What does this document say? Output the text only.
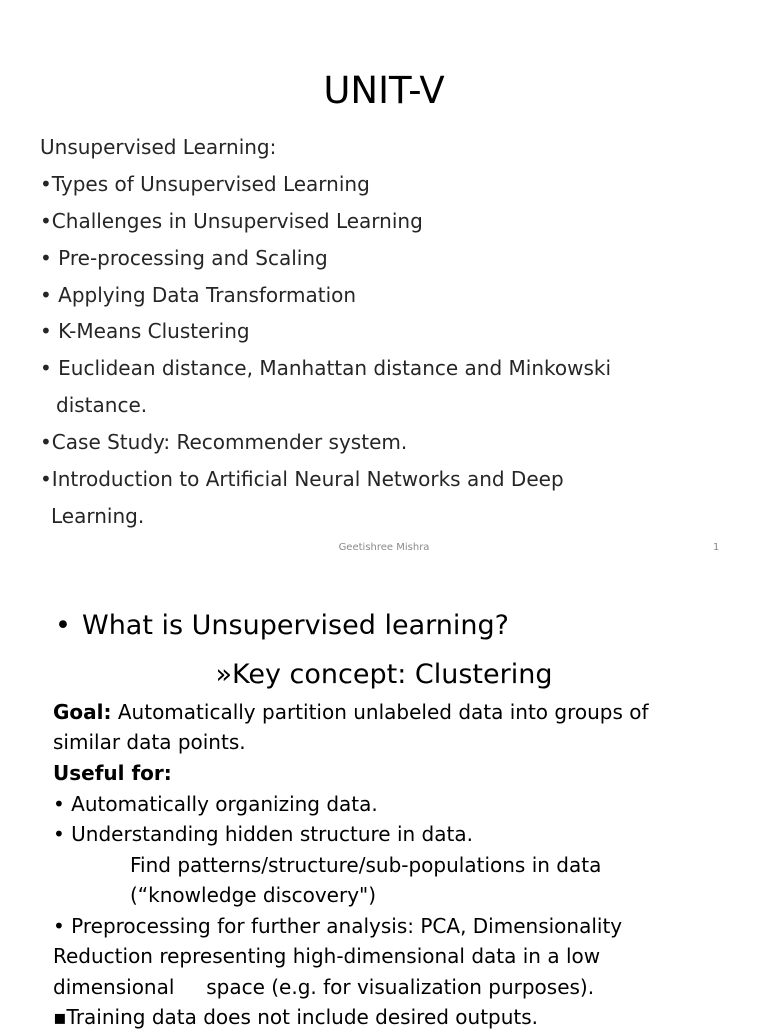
UNIT-V
Unsupervised Learning:
•Types of Unsupervised Learning
•Challenges in Unsupervised Learning
• Pre-processing and Scaling
• Applying Data Transformation
• K-Means Clustering
• Euclidean distance, Manhattan distance and Minkowski
distance.
•Case Study: Recommender system.
•Introduction to Artificial Neural Networks and Deep
Learning.
Geetishree Mishra	1
• What is Unsupervised learning?
»Key concept: Clustering
Goal: Automatically partition unlabeled data into groups of
similar data points.
Useful for:
• Automatically organizing data.
• Understanding hidden structure in data.
Find patterns/structure/sub-populations in data
(“knowledge discovery")
• Preprocessing for further analysis: PCA, Dimensionality
Reduction representing high-dimensional data in a low
dimensional     space (e.g. for visualization purposes).
▪Training data does not include desired outputs.
